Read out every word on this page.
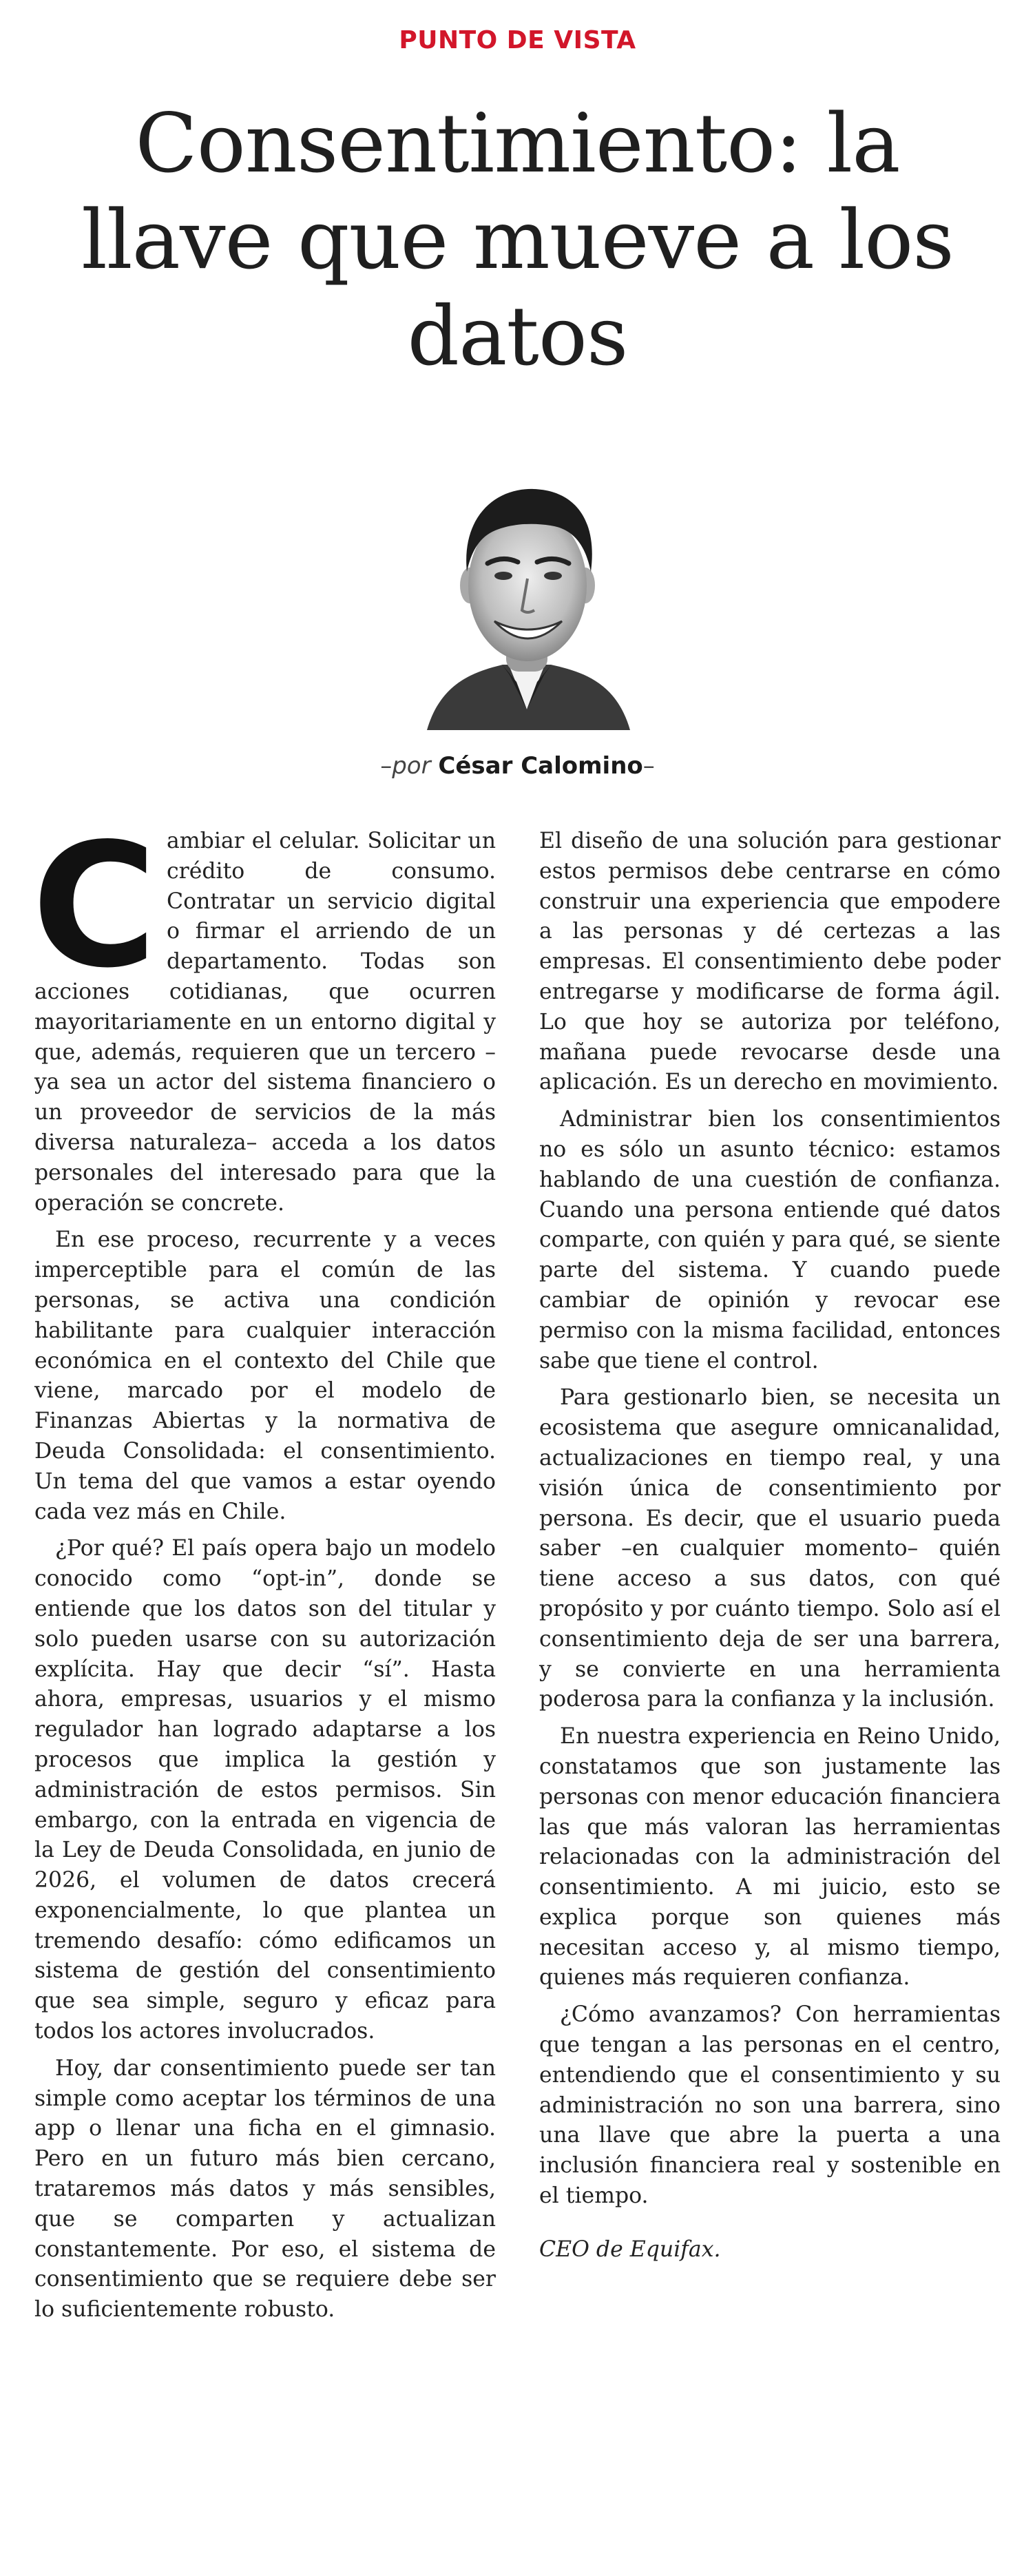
PUNTO DE VISTA
Consentimiento: la llave que mueve a los datos
–por César Calomino–

Cambiar el celular. Solicitar un crédito de consumo. Contratar un servicio digital o firmar el arriendo de un departamento. Todas son acciones cotidianas, que ocurren mayoritariamente en un entorno digital y que, además, requieren que un tercero –ya sea un actor del sistema financiero o un proveedor de servicios de la más diversa naturaleza– acceda a los datos personales del interesado para que la operación se concrete.

En ese proceso, recurrente y a veces imperceptible para el común de las personas, se activa una condición habilitante para cualquier interacción económica en el contexto del Chile que viene, marcado por el modelo de Finanzas Abiertas y la normativa de Deuda Consolidada: el consentimiento. Un tema del que vamos a estar oyendo cada vez más en Chile.

¿Por qué? El país opera bajo un modelo conocido como “opt-in”, donde se entiende que los datos son del titular y solo pueden usarse con su autorización explícita. Hay que decir “sí”. Hasta ahora, empresas, usuarios y el mismo regulador han logrado adaptarse a los procesos que implica la gestión y administración de estos permisos. Sin embargo, con la entrada en vigencia de la Ley de Deuda Consolidada, en junio de 2026, el volumen de datos crecerá exponencialmente, lo que plantea un tremendo desafío: cómo edificamos un sistema de gestión del consentimiento que sea simple, seguro y eficaz para todos los actores involucrados.

Hoy, dar consentimiento puede ser tan simple como aceptar los términos de una app o llenar una ficha en el gimnasio. Pero en un futuro más bien cercano, trataremos más datos y más sensibles, que se comparten y actualizan constantemente. Por eso, el sistema de consentimiento que se requiere debe ser lo suficientemente robusto.

El diseño de una solución para gestionar estos permisos debe centrarse en cómo construir una experiencia que empodere a las personas y dé certezas a las empresas. El consentimiento debe poder entregarse y modificarse de forma ágil. Lo que hoy se autoriza por teléfono, mañana puede revocarse desde una aplicación. Es un derecho en movimiento.

Administrar bien los consentimientos no es sólo un asunto técnico: estamos hablando de una cuestión de confianza. Cuando una persona entiende qué datos comparte, con quién y para qué, se siente parte del sistema. Y cuando puede cambiar de opinión y revocar ese permiso con la misma facilidad, entonces sabe que tiene el control.

Para gestionarlo bien, se necesita un ecosistema que asegure omnicanalidad, actualizaciones en tiempo real, y una visión única de consentimiento por persona. Es decir, que el usuario pueda saber –en cualquier momento– quién tiene acceso a sus datos, con qué propósito y por cuánto tiempo. Solo así el consentimiento deja de ser una barrera, y se convierte en una herramienta poderosa para la confianza y la inclusión.

En nuestra experiencia en Reino Unido, constatamos que son justamente las personas con menor educación financiera las que más valoran las herramientas relacionadas con la administración del consentimiento. A mi juicio, esto se explica porque son quienes más necesitan acceso y, al mismo tiempo, quienes más requieren confianza.

¿Cómo avanzamos? Con herramientas que tengan a las personas en el centro, entendiendo que el consentimiento y su administración no son una barrera, sino una llave que abre la puerta a una inclusión financiera real y sostenible en el tiempo.

CEO de Equifax.
